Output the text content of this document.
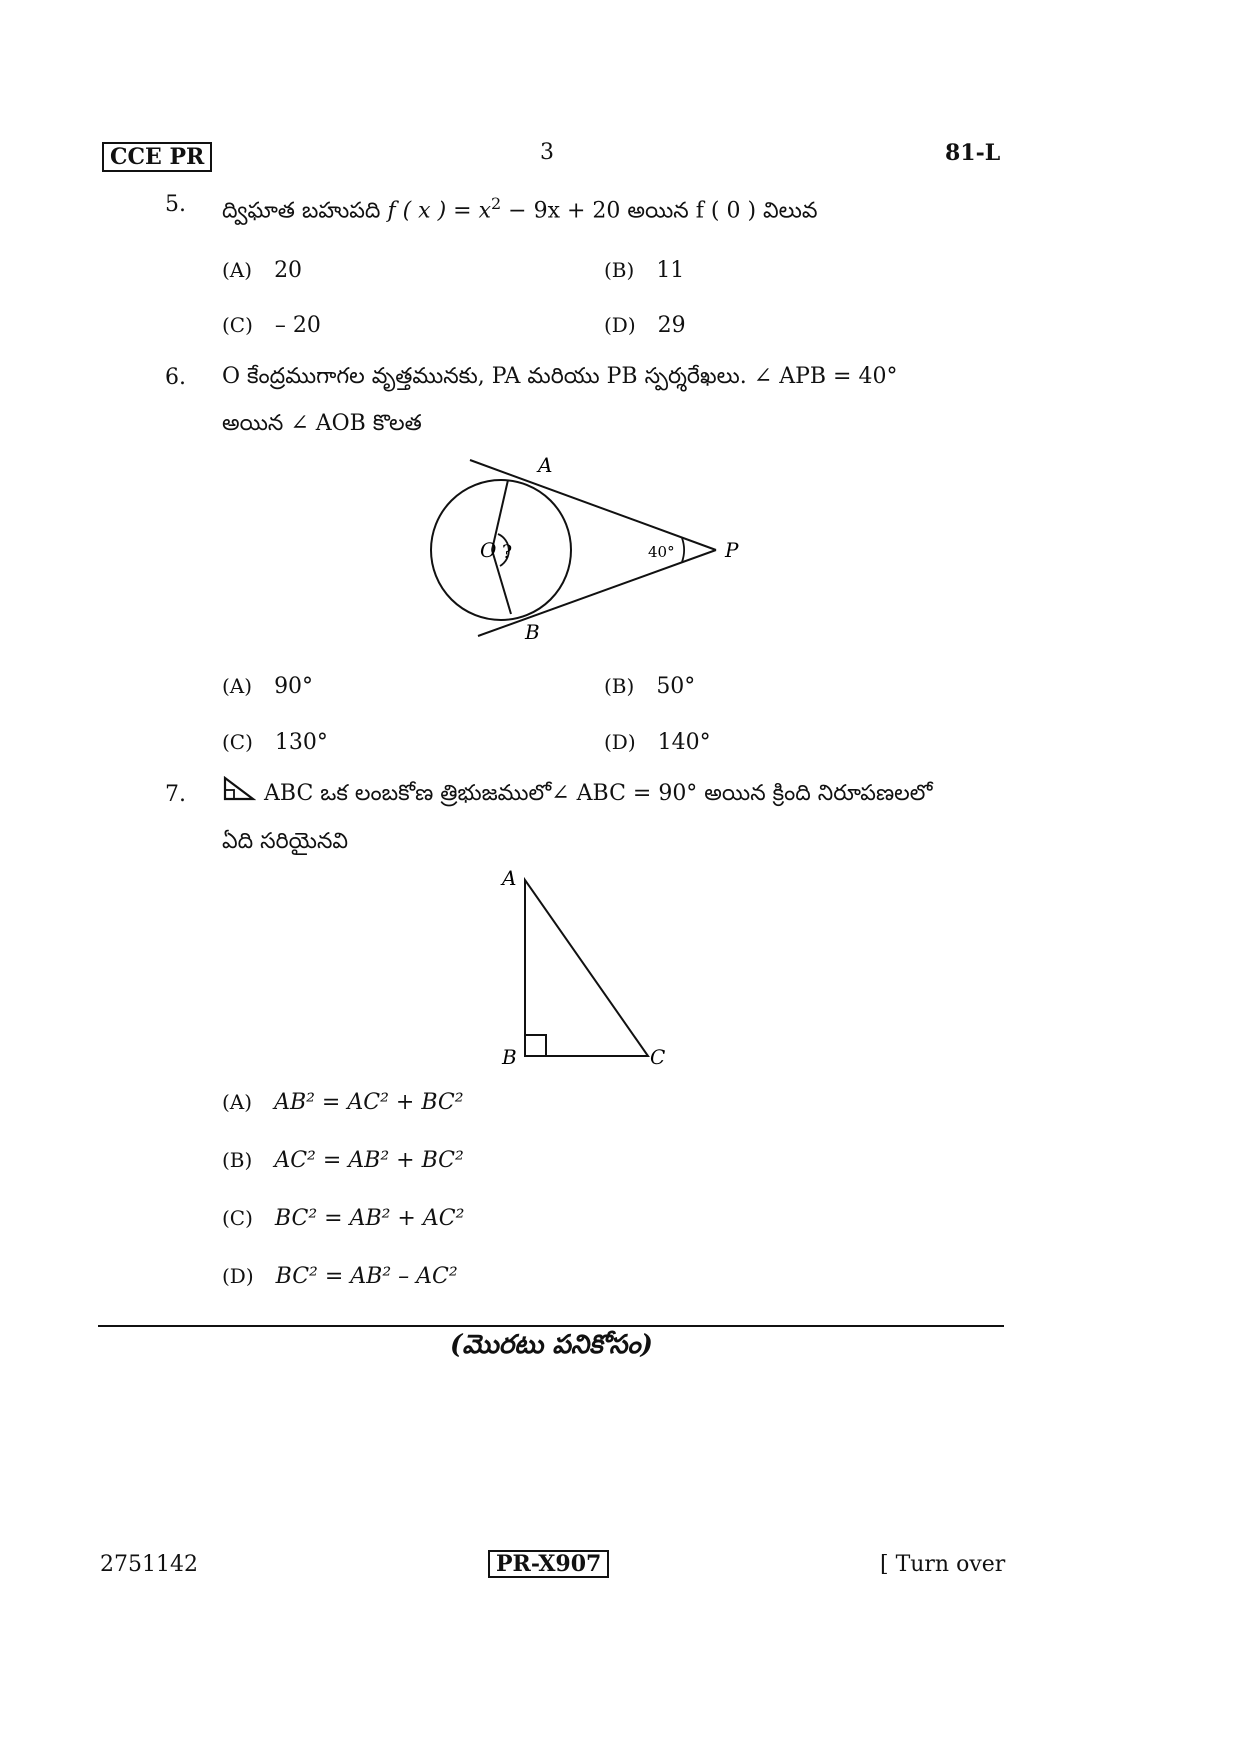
CCE PR	3	81-L
5. ద్విఘాత బహుపది f ( x ) = $x^2 - 9x + 20$ అయిన f ( 0 ) విలువ
(A) 20	(B) 11
(C) – 20	(D) 29
6. O కేంద్రముగాగల వృత్తమునకు, PA మరియు PB స్పర్శరేఖలు. ∠ APB = 40°
అయిన ∠ AOB కొలత
A
B
O	P
?	40°
(A) 90°	(B) 50°
(C) 130°	(D) 140°
7.	ABC ఒక లంబకోణ త్రిభుజములో∠ ABC = 90° అయిన క్రింది నిరూపణలలో
ఏది సరియైనవి
A
B	C
(A) AB² = AC² + BC²
(B) AC² = AB² + BC²
(C) BC² = AB² + AC²
(D) BC² = AB² – AC²
(మొరటు పనికోసం)
2751142	PR-X907	[ Turn over
